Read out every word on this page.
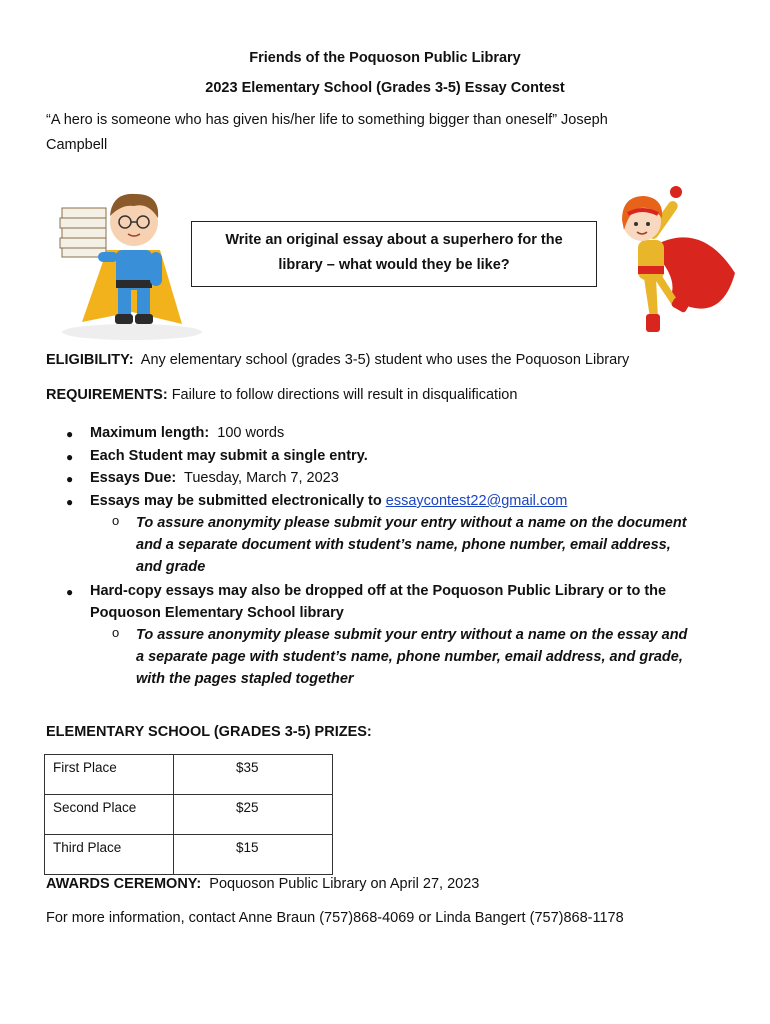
Friends of the Poquoson Public Library
2023 Elementary School (Grades 3-5) Essay Contest
“A hero is someone who has given his/her life to something bigger than oneself” Joseph
Campbell
Write an original essay about a superhero for the
library – what would they be like?
ELIGIBILITY: Any elementary school (grades 3-5) student who uses the Poquoson Library
REQUIREMENTS: Failure to follow directions will result in disqualification
● Maximum length: 100 words
● Each Student may submit a single entry.
● Essays Due: Tuesday, March 7, 2023
● Essays may be submitted electronically to essaycontest22@gmail.com
o To assure anonymity please submit your entry without a name on the document
and a separate document with student’s name, phone number, email address,
and grade
● Hard-copy essays may also be dropped off at the Poquoson Public Library or to the
Poquoson Elementary School library
o To assure anonymity please submit your entry without a name on the essay and
a separate page with student’s name, phone number, email address, and grade,
with the pages stapled together
ELEMENTARY SCHOOL (GRADES 3-5) PRIZES:
First Place	$35
Second Place	$25
Third Place	$15
AWARDS CEREMONY: Poquoson Public Library on April 27, 2023
For more information, contact Anne Braun (757)868-4069 or Linda Bangert (757)868-1178
